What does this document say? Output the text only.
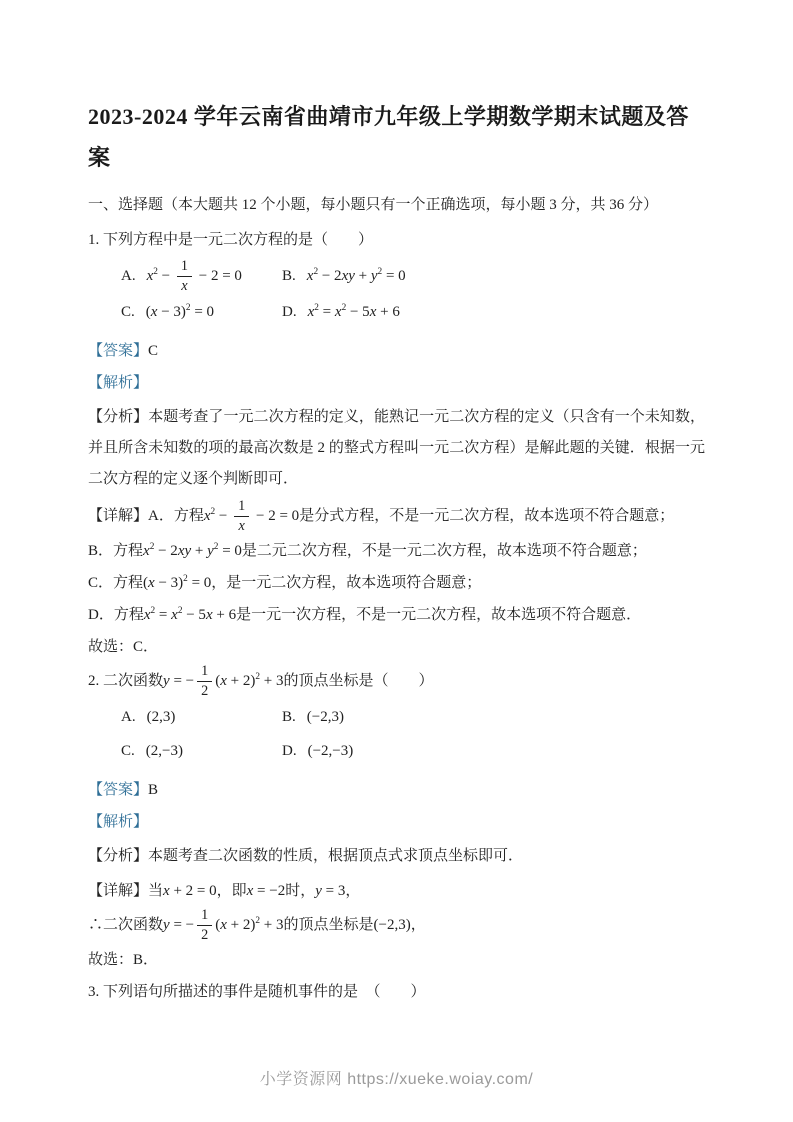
2023-2024 学年云南省曲靖市九年级上学期数学期末试题及答案
一、选择题（本大题共 12 个小题，每小题只有一个正确选项，每小题 3 分，共 36 分）
1. 下列方程中是一元二次方程的是（　　）
A. $x^2 - \frac{1}{x} - 2 = 0$	B. $x^2 - 2xy + y^2 = 0$
C. $(x - 3)^2 = 0$	D. $x^2 = x^2 - 5x + 6$
【答案】C
【解析】
【分析】本题考查了一元二次方程的定义，能熟记一元二次方程的定义（只含有一个未知数，并且所含未知数的项的最高次数是 2 的整式方程叫一元二次方程）是解此题的关键．根据一元二次方程的定义逐个判断即可．
【详解】A．方程$x^2 - \frac{1}{x} - 2 = 0$是分式方程，不是一元二次方程，故本选项不符合题意；
B．方程$x^2 - 2xy + y^2 = 0$是二元二次方程，不是一元二次方程，故本选项不符合题意；
C．方程$(x - 3)^2 = 0$，是一元二次方程，故本选项符合题意；
D．方程$x^2 = x^2 - 5x + 6$是一元一次方程，不是一元二次方程，故本选项不符合题意．
故选：C．
2. 二次函数y = − $\frac{1}{2} (x + 2)^2 + 3$的顶点坐标是（　　）
A. (2,3)	B. (−2,3)
C. (2,−3)	D. (−2,−3)
【答案】B
【解析】
【分析】本题考查二次函数的性质，根据顶点式求顶点坐标即可．
【详解】当x + 2 = 0，即x = −2时，y = 3，
∴二次函数y = − $\frac{1}{2} (x + 2)^2 + 3$的顶点坐标是(−2,3)，
故选：B．
3. 下列语句所描述的事件是随机事件的是　（　　）
小学资源网 https://xueke.woiay.com/
